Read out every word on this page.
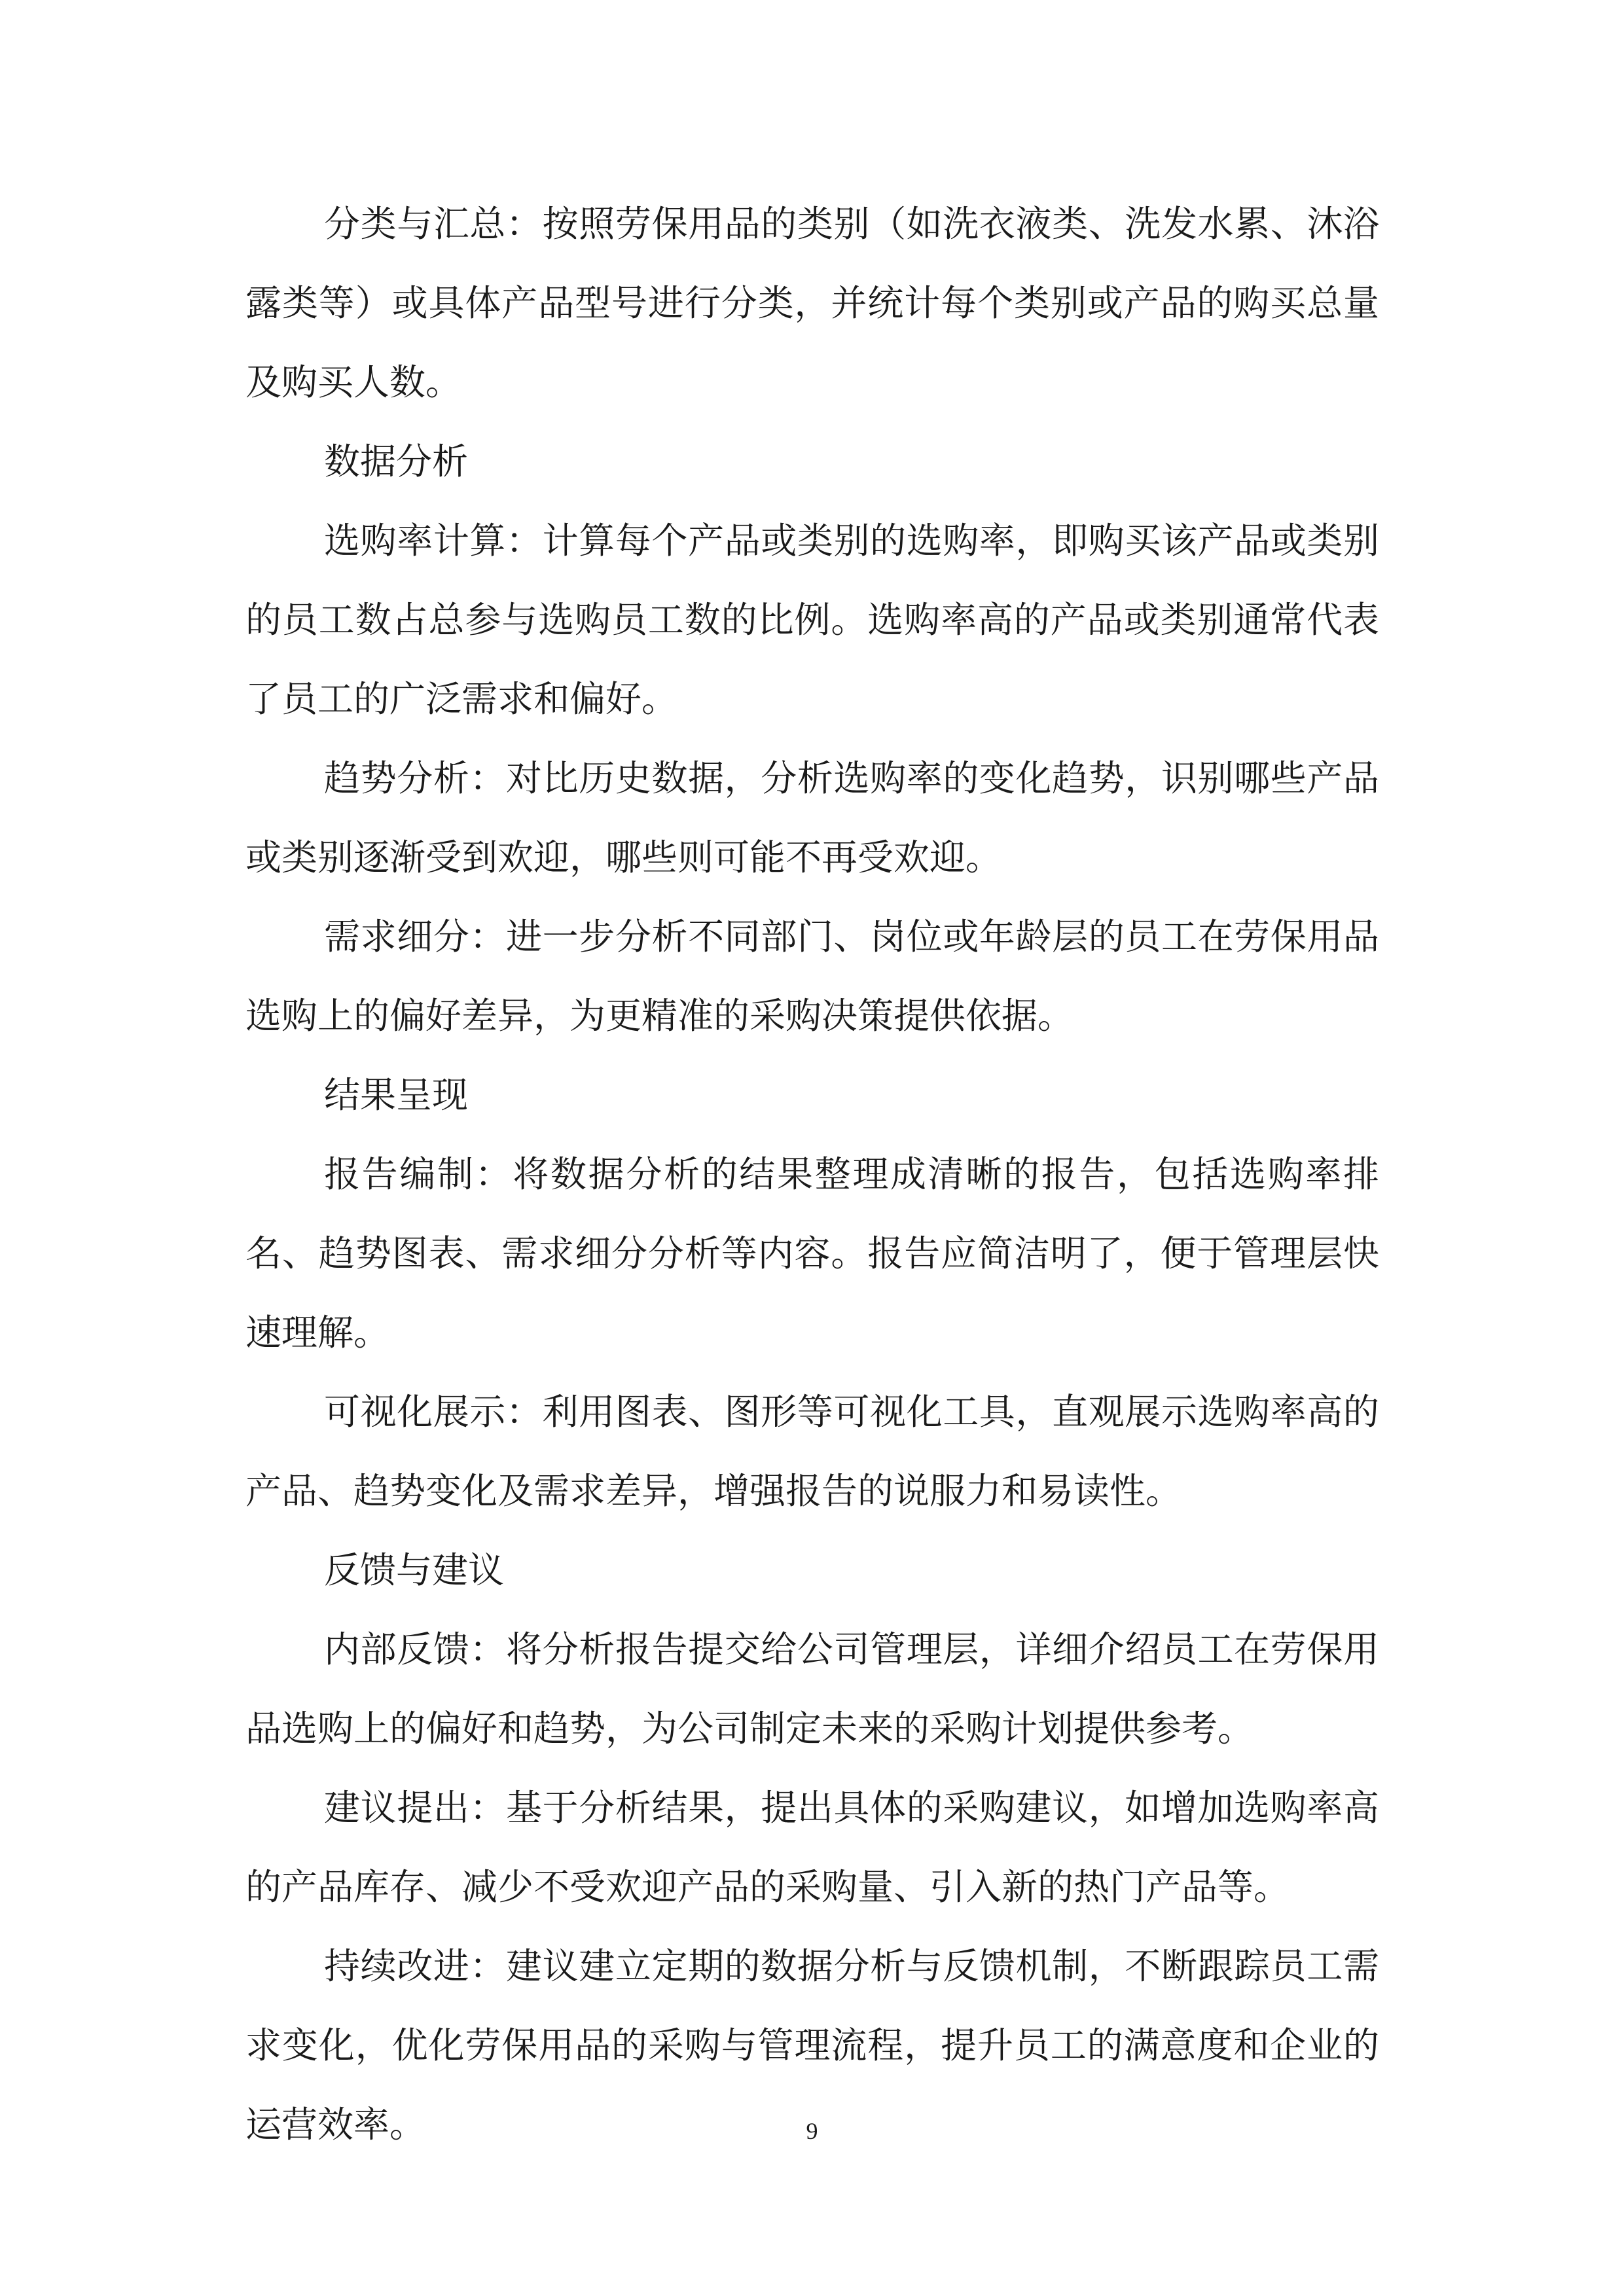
分类与汇总：按照劳保用品的类别（如洗衣液类、洗发水累、沐浴露类等）或具体产品型号进行分类，并统计每个类别或产品的购买总量及购买人数。

数据分析

选购率计算：计算每个产品或类别的选购率，即购买该产品或类别的员工数占总参与选购员工数的比例。选购率高的产品或类别通常代表了员工的广泛需求和偏好。

趋势分析：对比历史数据，分析选购率的变化趋势，识别哪些产品或类别逐渐受到欢迎，哪些则可能不再受欢迎。

需求细分：进一步分析不同部门、岗位或年龄层的员工在劳保用品选购上的偏好差异，为更精准的采购决策提供依据。

结果呈现

报告编制：将数据分析的结果整理成清晰的报告，包括选购率排名、趋势图表、需求细分分析等内容。报告应简洁明了，便于管理层快速理解。

可视化展示：利用图表、图形等可视化工具，直观展示选购率高的产品、趋势变化及需求差异，增强报告的说服力和易读性。

反馈与建议

内部反馈：将分析报告提交给公司管理层，详细介绍员工在劳保用品选购上的偏好和趋势，为公司制定未来的采购计划提供参考。

建议提出：基于分析结果，提出具体的采购建议，如增加选购率高的产品库存、减少不受欢迎产品的采购量、引入新的热门产品等。

持续改进：建议建立定期的数据分析与反馈机制，不断跟踪员工需求变化，优化劳保用品的采购与管理流程，提升员工的满意度和企业的运营效率。	9
